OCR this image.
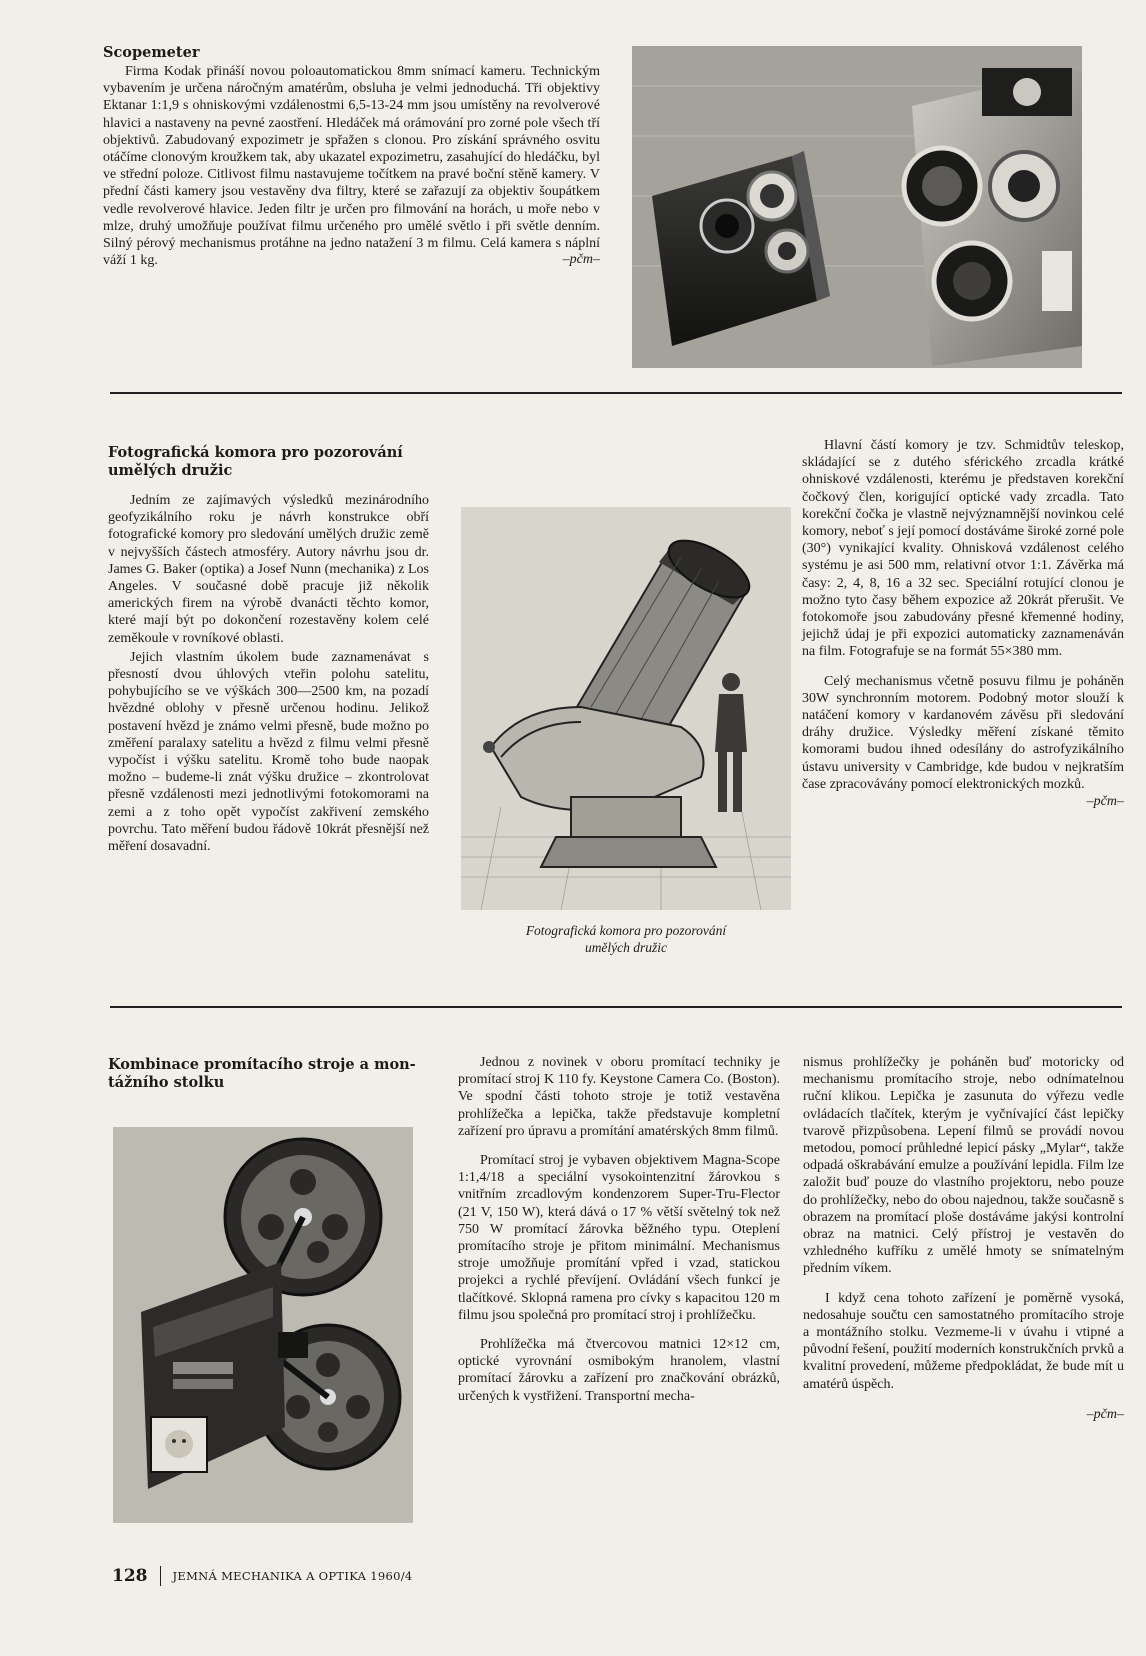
Scopemeter

Firma Kodak přináší novou poloautomatickou 8mm snímací kameru. Technickým vybavením je určena náročným amatérům, obsluha je velmi jednoduchá. Tři objektivy Ektanar 1:1,9 s ohniskovými vzdálenostmi 6,5-13-24 mm jsou umístěny na revolverové hlavici a nastaveny na pevné zaostření. Hledáček má orámování pro zorné pole všech tří objektivů. Zabudovaný expozimetr je spřažen s clonou. Pro získání správného osvitu otáčíme clonovým kroužkem tak, aby ukazatel expozimetru, zasahující do hledáčku, byl ve střední poloze. Citlivost filmu nastavujeme točítkem na pravé boční stěně kamery. V přední části kamery jsou vestavěny dva filtry, které se zařazují za objektiv šoupátkem vedle revolverové hlavice. Jeden filtr je určen pro filmování na horách, u moře nebo v mlze, druhý umožňuje používat filmu určeného pro umělé světlo i při světle denním. Silný pérový mechanismus protáhne na jedno natažení 3 m filmu. Celá kamera s náplní váží 1 kg.	–pčm–
Fotografická komora pro pozorování
umělých družic

Jedním ze zajímavých výsledků mezinárodního geofyzikálního roku je návrh konstrukce obří fotografické komory pro sledování umělých družic země v nejvyšších částech atmosféry. Autory návrhu jsou dr. James G. Baker (optika) a Josef Nunn (mechanika) z Los Angeles. V současné době pracuje již několik amerických firem na výrobě dvanácti těchto komor, které mají být po dokončení rozestavěny kolem celé zeměkoule v rovníkové oblasti.

Jejich vlastním úkolem bude zaznamenávat s přesností dvou úhlových vteřin polohu satelitu, pohybujícího se ve výškách 300—2500 km, na pozadí hvězdné oblohy v přesně určenou hodinu. Jelikož postavení hvězd je známo velmi přesně, bude možno po změření paralaxy satelitu a hvězd z filmu velmi přesně vypočíst i výšku satelitu. Kromě toho bude naopak možno – budeme-li znát výšku družice – zkontrolovat přesně vzdálenosti mezi jednotlivými fotokomorami na zemi a z toho opět vypočíst zakřivení zemského povrchu. Tato měření budou řádově 10krát přesnější než měření dosavadní.

Fotografická komora pro pozorování
umělých družic

Hlavní částí komory je tzv. Schmidtův teleskop, skládající se z dutého sférického zrcadla krátké ohniskové vzdálenosti, kterému je představen korekční čočkový člen, korigující optické vady zrcadla. Tato korekční čočka je vlastně nejvýznamnější novinkou celé komory, neboť s její pomocí dostáváme široké zorné pole (30°) vynikající kvality. Ohnisková vzdálenost celého systému je asi 500 mm, relativní otvor 1:1. Závěrka má časy: 2, 4, 8, 16 a 32 sec. Speciální rotující clonou je možno tyto časy během expozice až 20krát přerušit. Ve fotokomoře jsou zabudovány přesné křemenné hodiny, jejichž údaj je při expozici automaticky zaznamenáván na film. Fotografuje se na formát 55×380 mm.

Celý mechanismus včetně posuvu filmu je poháněn 30W synchronním motorem. Podobný motor slouží k natáčení komory v kardanovém závěsu při sledování dráhy družice. Výsledky měření získané těmito komorami budou ihned odesílány do astrofyzikálního ústavu university v Cambridge, kde budou v nejkratším čase zpracovávány pomocí elektronických mozků.

–pčm–
Kombinace promítacího stroje a mon-
tážního stolku

Jednou z novinek v oboru promítací techniky je promítací stroj K 110 fy. Keystone Camera Co. (Boston). Ve spodní části tohoto stroje je totiž vestavěna prohlížečka a lepička, takže představuje kompletní zařízení pro úpravu a promítání amatérských 8mm filmů.

Promítací stroj je vybaven objektivem Magna-Scope 1:1,4/18 a speciální vysokointenzitní žárovkou s vnitřním zrcadlovým kondenzorem Super-Tru-Flector (21 V, 150 W), která dává o 17 % větší světelný tok než 750 W promítací žárovka běžného typu. Oteplení promítacího stroje je přitom minimální. Mechanismus stroje umožňuje promítání vpřed i vzad, statickou projekci a rychlé převíjení. Ovládání všech funkcí je tlačítkové. Sklopná ramena pro cívky s kapacitou 120 m filmu jsou společná pro promítací stroj i prohlížečku.

Prohlížečka má čtvercovou matnici 12×12 cm, optické vyrovnání osmibokým hranolem, vlastní promítací žárovku a zařízení pro značkování obrázků, určených k vystřižení. Transportní mecha-

nismus prohlížečky je poháněn buď motoricky od mechanismu promítacího stroje, nebo odnímatelnou ruční klikou. Lepička je zasunuta do výřezu vedle ovládacích tlačítek, kterým je vyčnívající část lepičky tvarově přizpůsobena. Lepení filmů se provádí novou metodou, pomocí průhledné lepicí pásky „Mylar“, takže odpadá oškrabávání emulze a používání lepidla. Film lze založit buď pouze do vlastního projektoru, nebo pouze do prohlížečky, nebo do obou najednou, takže současně s obrazem na promítací ploše dostáváme jakýsi kontrolní obraz na matnici. Celý přístroj je vestavěn do vzhledného kufříku z umělé hmoty se snímatelným předním víkem.

I když cena tohoto zařízení je poměrně vysoká, nedosahuje součtu cen samostatného promítacího stroje a montážního stolku. Vezmeme-li v úvahu i vtipné a původní řešení, použití moderních konstrukčních prvků a kvalitní provedení, můžeme předpokládat, že bude mít u amatérů úspěch.

–pčm–
128 JEMNÁ MECHANIKA A OPTIKA 1960/4
